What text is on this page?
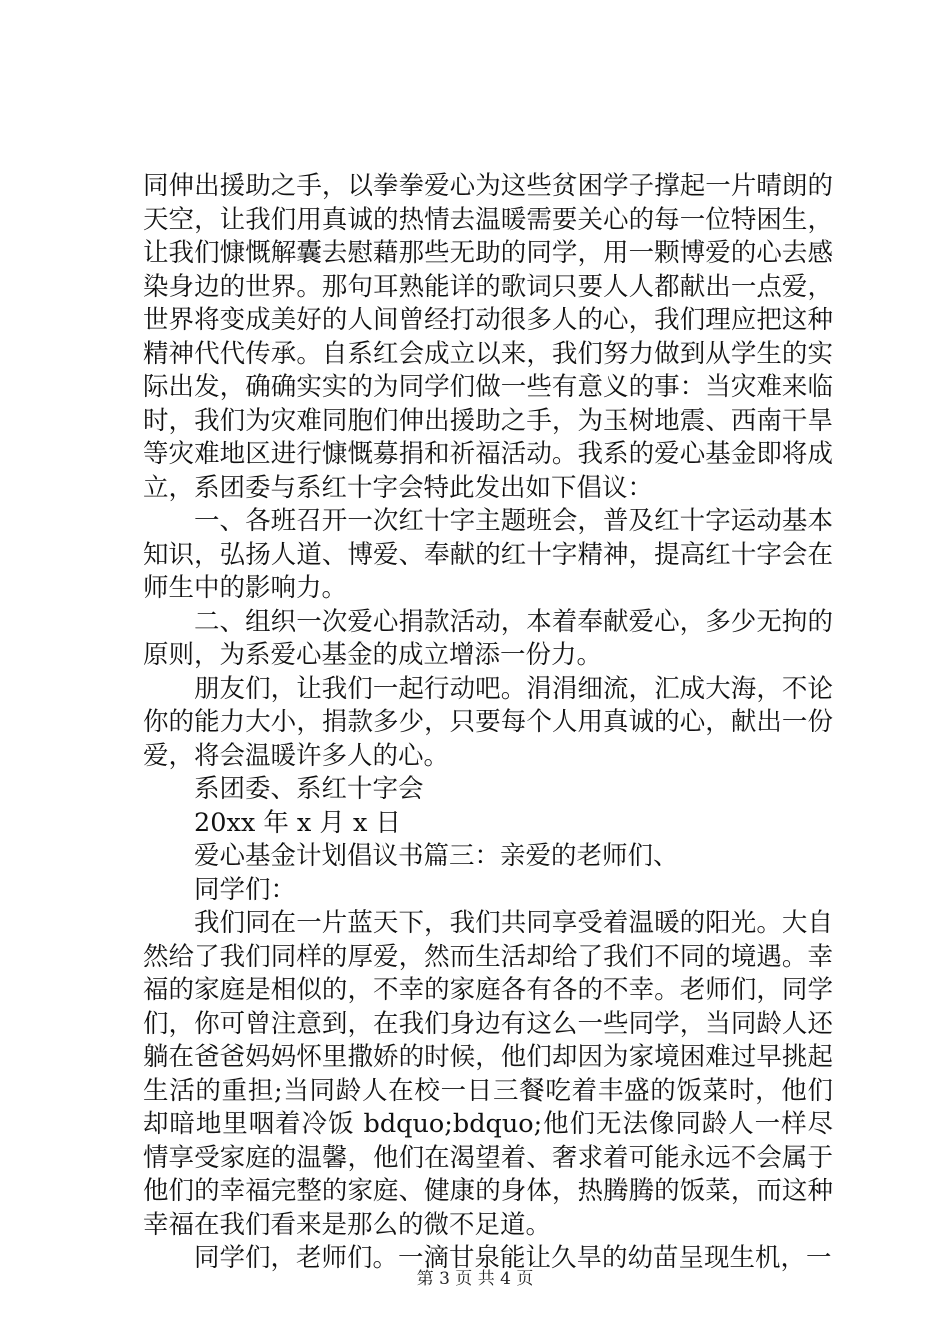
同伸出援助之手，以拳拳爱心为这些贫困学子撑起一片晴朗的天空，让我们用真诚的热情去温暖需要关心的每一位特困生，让我们慷慨解囊去慰藉那些无助的同学，用一颗博爱的心去感染身边的世界。那句耳熟能详的歌词只要人人都献出一点爱，世界将变成美好的人间曾经打动很多人的心，我们理应把这种精神代代传承。自系红会成立以来，我们努力做到从学生的实际出发，确确实实的为同学们做一些有意义的事：当灾难来临时，我们为灾难同胞们伸出援助之手，为玉树地震、西南干旱等灾难地区进行慷慨募捐和祈福活动。我系的爱心基金即将成立，系团委与系红十字会特此发出如下倡议：

一、各班召开一次红十字主题班会，普及红十字运动基本知识，弘扬人道、博爱、奉献的红十字精神，提高红十字会在师生中的影响力。

二、组织一次爱心捐款活动，本着奉献爱心，多少无拘的原则，为系爱心基金的成立增添一份力。

朋友们，让我们一起行动吧。涓涓细流，汇成大海，不论你的能力大小，捐款多少，只要每个人用真诚的心，献出一份爱，将会温暖许多人的心。

系团委、系红十字会

20xx 年 x 月 x 日

爱心基金计划倡议书篇三：亲爱的老师们、

同学们：

我们同在一片蓝天下，我们共同享受着温暖的阳光。大自然给了我们同样的厚爱，然而生活却给了我们不同的境遇。幸福的家庭是相似的，不幸的家庭各有各的不幸。老师们，同学们，你可曾注意到，在我们身边有这么一些同学，当同龄人还躺在爸爸妈妈怀里撒娇的时候，他们却因为家境困难过早挑起生活的重担;当同龄人在校一日三餐吃着丰盛的饭菜时，他们却暗地里咽着冷饭 bdquo;bdquo;他们无法像同龄人一样尽情享受家庭的温馨，他们在渴望着、奢求着可能永远不会属于他们的幸福完整的家庭、健康的身体，热腾腾的饭菜，而这种幸福在我们看来是那么的微不足道。

同学们，老师们。一滴甘泉能让久旱的幼苗呈现生机，一

第 3 页 共 4 页
